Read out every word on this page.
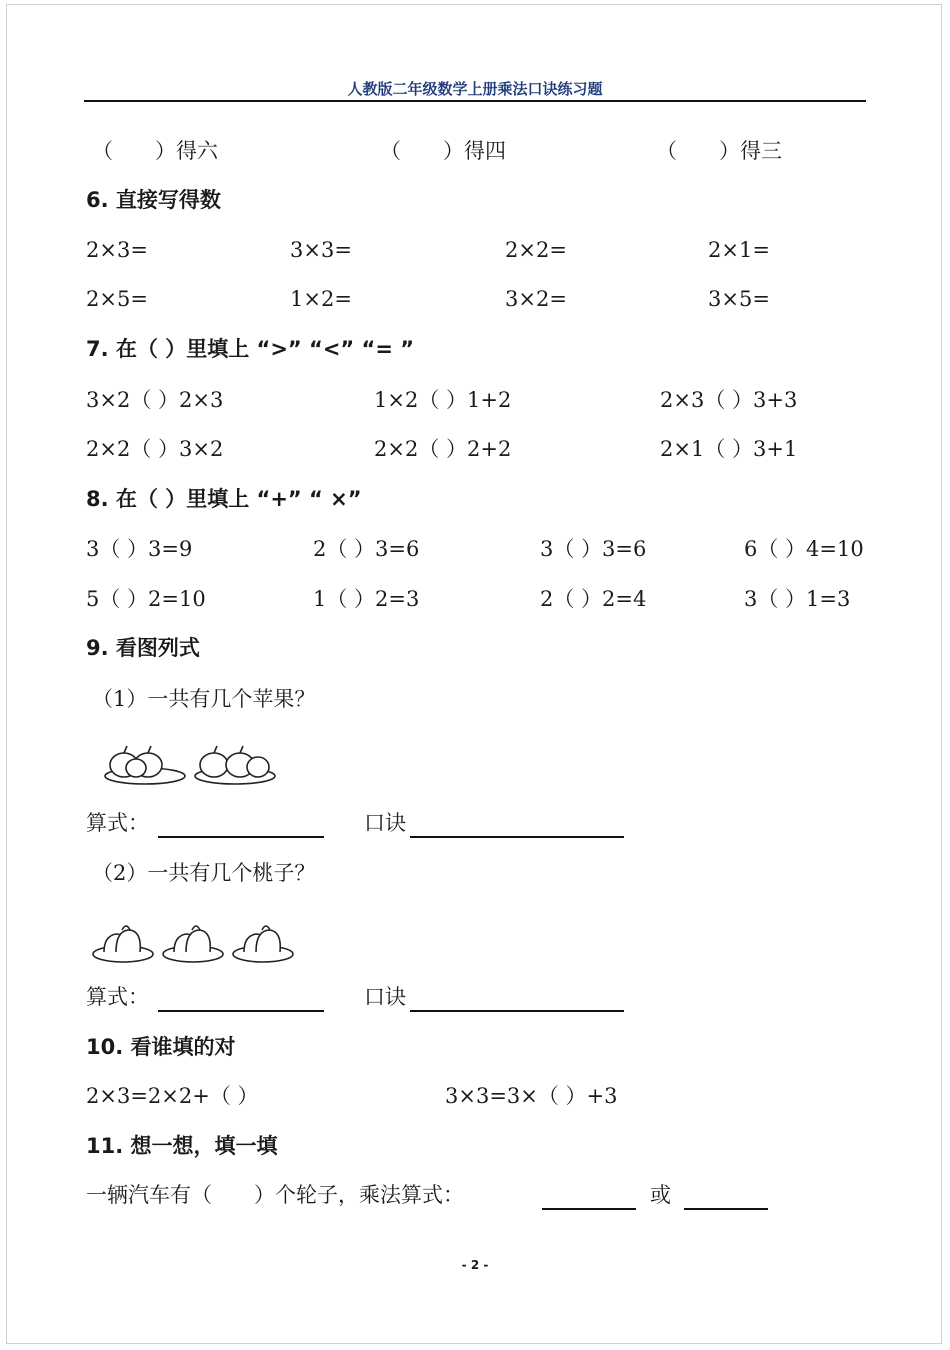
人教版二年级数学上册乘法口诀练习题
（　　）得六	（　　）得四	（　　）得三
6. 直接写得数
2×3=	3×3=	2×2=	2×1=
2×5=	1×2=	3×2=	3×5=
7. 在（ ）里填上 “>” “<” “= ”
3×2（ ）2×3	1×2（ ）1+2	2×3（ ）3+3
2×2（ ）3×2	2×2（ ）2+2	2×1（ ）3+1
8. 在（ ）里填上 “+” “ ×”
3（ ）3=9	2（ ）3=6	3（ ）3=6	6（ ）4=10
5（ ）2=10	1（ ）2=3	2（ ）2=4	3（ ）1=3
9. 看图列式
（1）一共有几个苹果？
算式：	口诀
（2）一共有几个桃子？
算式：	口诀
10. 看谁填的对
2×3=2×2+（ ）	3×3=3×（ ）+3
11. 想一想，填一填
一辆汽车有（　　）个轮子，乘法算式：	或
- 2 -
